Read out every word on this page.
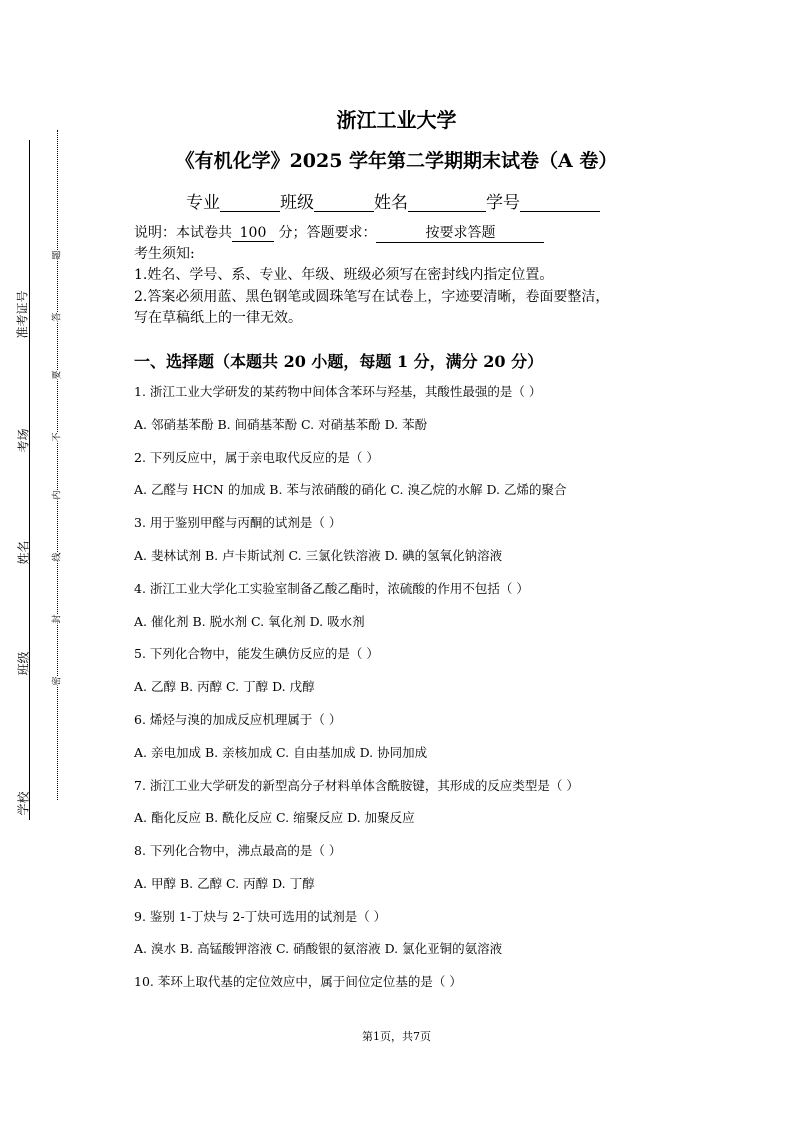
准考证号
考场
姓名
班级
学校
题
答
要
不
内
线
封
密
浙江工业大学
《有机化学》2025 学年第二学期期末试卷（A 卷）
专业	班级	姓名	学号
说明：本试卷共 100 分；答题要求：	按要求答题
考生须知:
1.姓名、学号、系、专业、年级、班级必须写在密封线内指定位置。
2.答案必须用蓝、黑色钢笔或圆珠笔写在试卷上，字迹要清晰，卷面要整洁，
写在草稿纸上的一律无效。
一、选择题（本题共 20 小题，每题 1 分，满分 20 分）
1. 浙江工业大学研发的某药物中间体含苯环与羟基，其酸性最强的是（ ）
A. 邻硝基苯酚 B. 间硝基苯酚 C. 对硝基苯酚 D. 苯酚
2. 下列反应中，属于亲电取代反应的是（ ）
A. 乙醛与 HCN 的加成 B. 苯与浓硝酸的硝化 C. 溴乙烷的水解 D. 乙烯的聚合
3. 用于鉴别甲醛与丙酮的试剂是（ ）
A. 斐林试剂 B. 卢卡斯试剂 C. 三氯化铁溶液 D. 碘的氢氧化钠溶液
4. 浙江工业大学化工实验室制备乙酸乙酯时，浓硫酸的作用不包括（ ）
A. 催化剂 B. 脱水剂 C. 氧化剂 D. 吸水剂
5. 下列化合物中，能发生碘仿反应的是（ ）
A. 乙醇 B. 丙醇 C. 丁醇 D. 戊醇
6. 烯烃与溴的加成反应机理属于（ ）
A. 亲电加成 B. 亲核加成 C. 自由基加成 D. 协同加成
7. 浙江工业大学研发的新型高分子材料单体含酰胺键，其形成的反应类型是（ ）
A. 酯化反应 B. 酰化反应 C. 缩聚反应 D. 加聚反应
8. 下列化合物中，沸点最高的是（ ）
A. 甲醇 B. 乙醇 C. 丙醇 D. 丁醇
9. 鉴别 1-丁炔与 2-丁炔可选用的试剂是（ ）
A. 溴水 B. 高锰酸钾溶液 C. 硝酸银的氨溶液 D. 氯化亚铜的氨溶液
10. 苯环上取代基的定位效应中，属于间位定位基的是（ ）
第1页，共7页
